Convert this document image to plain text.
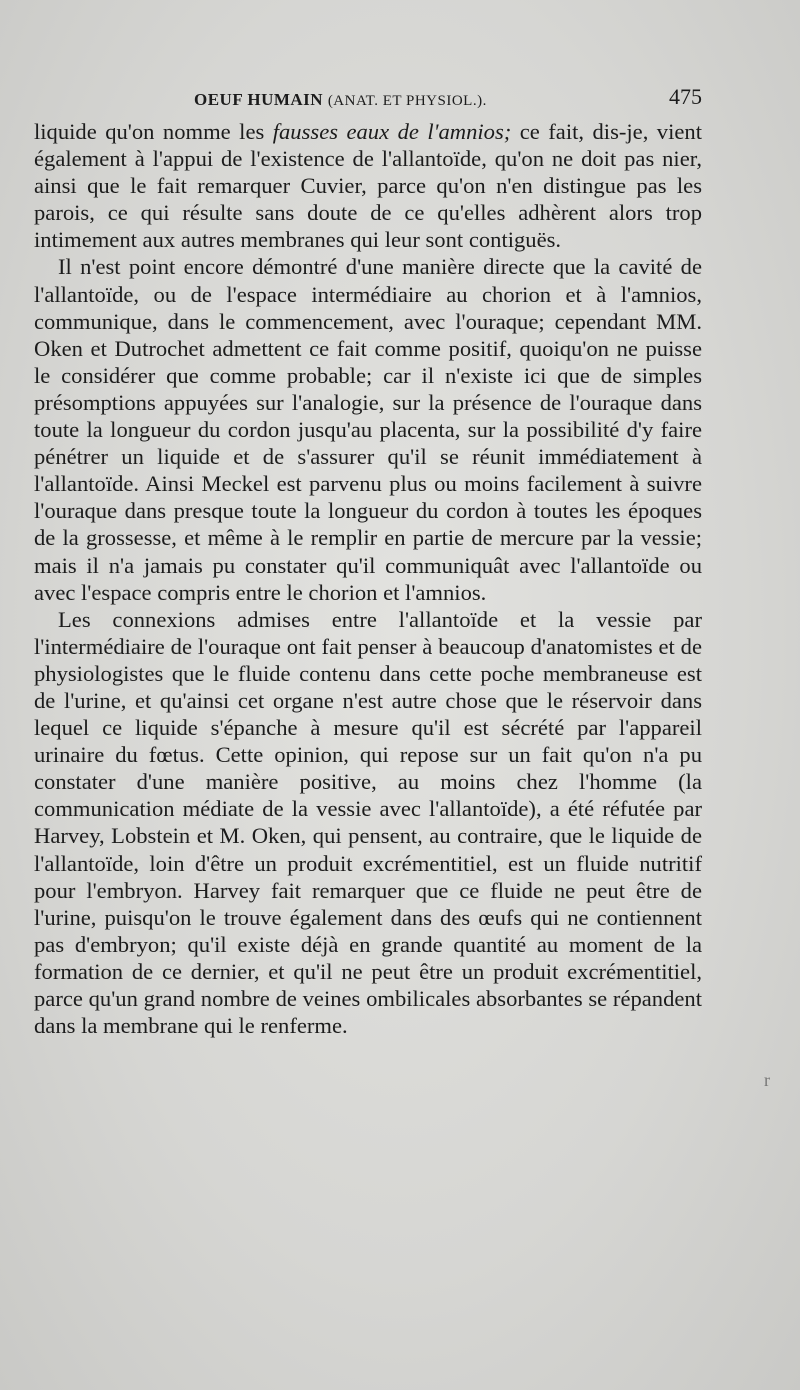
OEUF HUMAIN (ANAT. ET PHYSIOL.).	475

liquide qu'on nomme les fausses eaux de l'amnios; ce fait, dis-je, vient également à l'appui de l'existence de l'allantoïde, qu'on ne doit pas nier, ainsi que le fait remarquer Cuvier, parce qu'on n'en distingue pas les parois, ce qui résulte sans doute de ce qu'elles adhèrent alors trop intimement aux autres membranes qui leur sont contiguës.

Il n'est point encore démontré d'une manière directe que la cavité de l'allantoïde, ou de l'espace intermédiaire au chorion et à l'amnios, communique, dans le commencement, avec l'ouraque; cependant MM. Oken et Dutrochet admettent ce fait comme positif, quoiqu'on ne puisse le considérer que comme probable; car il n'existe ici que de simples présomptions appuyées sur l'analogie, sur la présence de l'ouraque dans toute la longueur du cordon jusqu'au placenta, sur la possibilité d'y faire pénétrer un liquide et de s'assurer qu'il se réunit immédiatement à l'allantoïde. Ainsi Meckel est parvenu plus ou moins facilement à suivre l'ouraque dans presque toute la longueur du cordon à toutes les époques de la grossesse, et même à le remplir en partie de mercure par la vessie; mais il n'a jamais pu constater qu'il communiquât avec l'allantoïde ou avec l'espace compris entre le chorion et l'amnios.

Les connexions admises entre l'allantoïde et la vessie par l'intermédiaire de l'ouraque ont fait penser à beaucoup d'anatomistes et de physiologistes que le fluide contenu dans cette poche membraneuse est de l'urine, et qu'ainsi cet organe n'est autre chose que le réservoir dans lequel ce liquide s'épanche à mesure qu'il est sécrété par l'appareil urinaire du fœtus. Cette opinion, qui repose sur un fait qu'on n'a pu constater d'une manière positive, au moins chez l'homme (la communication médiate de la vessie avec l'allantoïde), a été réfutée par Harvey, Lobstein et M. Oken, qui pensent, au contraire, que le liquide de l'allantoïde, loin d'être un produit excrémentitiel, est un fluide nutritif pour l'embryon. Harvey fait remarquer que ce fluide ne peut être de l'urine, puisqu'on le trouve également dans des œufs qui ne contiennent pas d'embryon; qu'il existe déjà en grande quantité au moment de la formation de ce dernier, et qu'il ne peut être un produit excrémentitiel, parce qu'un grand nombre de veines ombilicales absorbantes se répandent dans la membrane qui le renferme.

r
